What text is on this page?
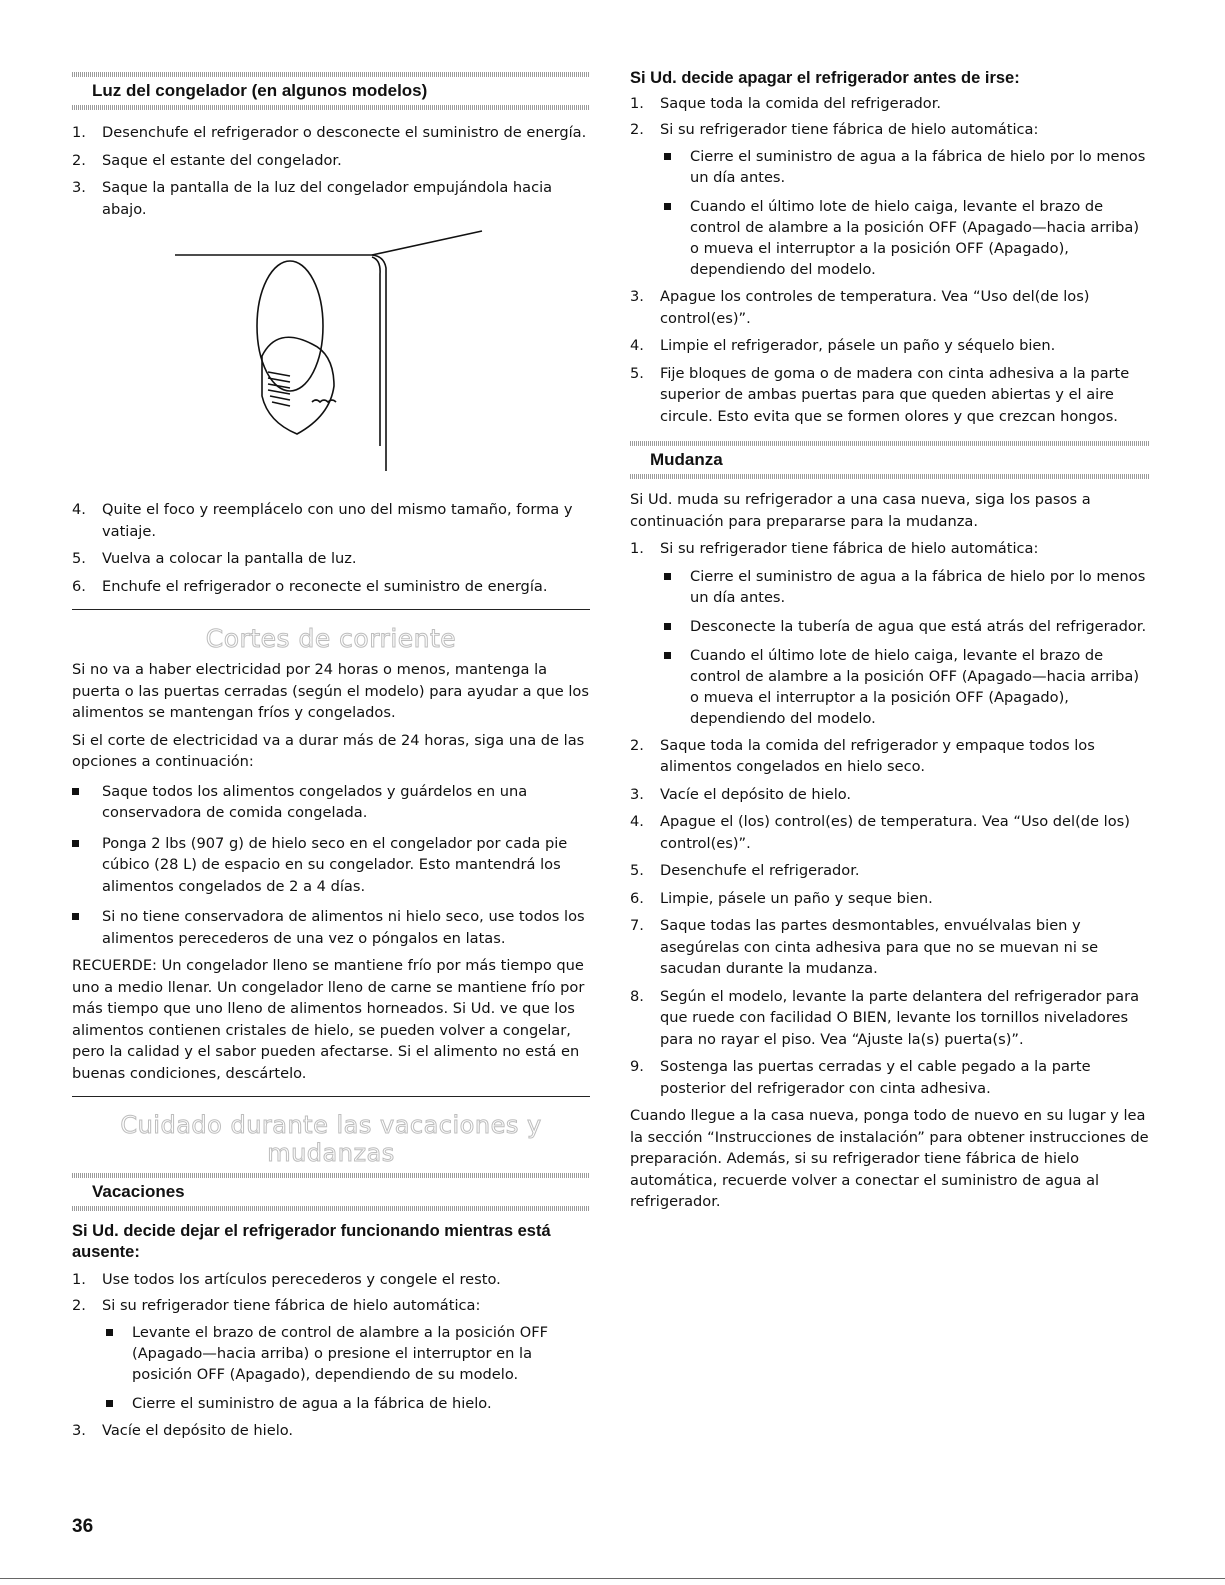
Luz del congelador (en algunos modelos)
1. Desenchufe el refrigerador o desconecte el suministro de energía.
2. Saque el estante del congelador.
3. Saque la pantalla de la luz del congelador empujándola hacia abajo.
4. Quite el foco y reemplácelo con uno del mismo tamaño, forma y vatiaje.
5. Vuelva a colocar la pantalla de luz.
6. Enchufe el refrigerador o reconecte el suministro de energía.
Cortes de corriente

Si no va a haber electricidad por 24 horas o menos, mantenga la puerta o las puertas cerradas (según el modelo) para ayudar a que los alimentos se mantengan fríos y congelados.

Si el corte de electricidad va a durar más de 24 horas, siga una de las opciones a continuación:

Saque todos los alimentos congelados y guárdelos en una conservadora de comida congelada.
Ponga 2 lbs (907 g) de hielo seco en el congelador por cada pie cúbico (28 L) de espacio en su congelador. Esto mantendrá los alimentos congelados de 2 a 4 días.
Si no tiene conservadora de alimentos ni hielo seco, use todos los alimentos perecederos de una vez o póngalos en latas.

RECUERDE: Un congelador lleno se mantiene frío por más tiempo que uno a medio llenar. Un congelador lleno de carne se mantiene frío por más tiempo que uno lleno de alimentos horneados. Si Ud. ve que los alimentos contienen cristales de hielo, se pueden volver a congelar, pero la calidad y el sabor pueden afectarse. Si el alimento no está en buenas condiciones, descártelo.

Cuidado durante las vacaciones y mudanzas
Vacaciones
Si Ud. decide dejar el refrigerador funcionando mientras está ausente:
1. Use todos los artículos perecederos y congele el resto.
2. Si su refrigerador tiene fábrica de hielo automática:
Levante el brazo de control de alambre a la posición OFF (Apagado—hacia arriba) o presione el interruptor en la posición OFF (Apagado), dependiendo de su modelo.
Cierre el suministro de agua a la fábrica de hielo.
3. Vacíe el depósito de hielo.
Si Ud. decide apagar el refrigerador antes de irse:
1. Saque toda la comida del refrigerador.
2. Si su refrigerador tiene fábrica de hielo automática:
Cierre el suministro de agua a la fábrica de hielo por lo menos un día antes.
Cuando el último lote de hielo caiga, levante el brazo de control de alambre a la posición OFF (Apagado—hacia arriba) o mueva el interruptor a la posición OFF (Apagado), dependiendo del modelo.
3. Apague los controles de temperatura. Vea “Uso del(de los) control(es)”.
4. Limpie el refrigerador, pásele un paño y séquelo bien.
5. Fije bloques de goma o de madera con cinta adhesiva a la parte superior de ambas puertas para que queden abiertas y el aire circule. Esto evita que se formen olores y que crezcan hongos.
Mudanza

Si Ud. muda su refrigerador a una casa nueva, siga los pasos a continuación para prepararse para la mudanza.

1. Si su refrigerador tiene fábrica de hielo automática:
Cierre el suministro de agua a la fábrica de hielo por lo menos un día antes.
Desconecte la tubería de agua que está atrás del refrigerador.
Cuando el último lote de hielo caiga, levante el brazo de control de alambre a la posición OFF (Apagado—hacia arriba) o mueva el interruptor a la posición OFF (Apagado), dependiendo del modelo.
2. Saque toda la comida del refrigerador y empaque todos los alimentos congelados en hielo seco.
3. Vacíe el depósito de hielo.
4. Apague el (los) control(es) de temperatura. Vea “Uso del(de los) control(es)”.
5. Desenchufe el refrigerador.
6. Limpie, pásele un paño y seque bien.
7. Saque todas las partes desmontables, envuélvalas bien y asegúrelas con cinta adhesiva para que no se muevan ni se sacudan durante la mudanza.
8. Según el modelo, levante la parte delantera del refrigerador para que ruede con facilidad O BIEN, levante los tornillos niveladores para no rayar el piso. Vea “Ajuste la(s) puerta(s)”.
9. Sostenga las puertas cerradas y el cable pegado a la parte posterior del refrigerador con cinta adhesiva.

Cuando llegue a la casa nueva, ponga todo de nuevo en su lugar y lea la sección “Instrucciones de instalación” para obtener instrucciones de preparación. Además, si su refrigerador tiene fábrica de hielo automática, recuerde volver a conectar el suministro de agua al refrigerador.

36
